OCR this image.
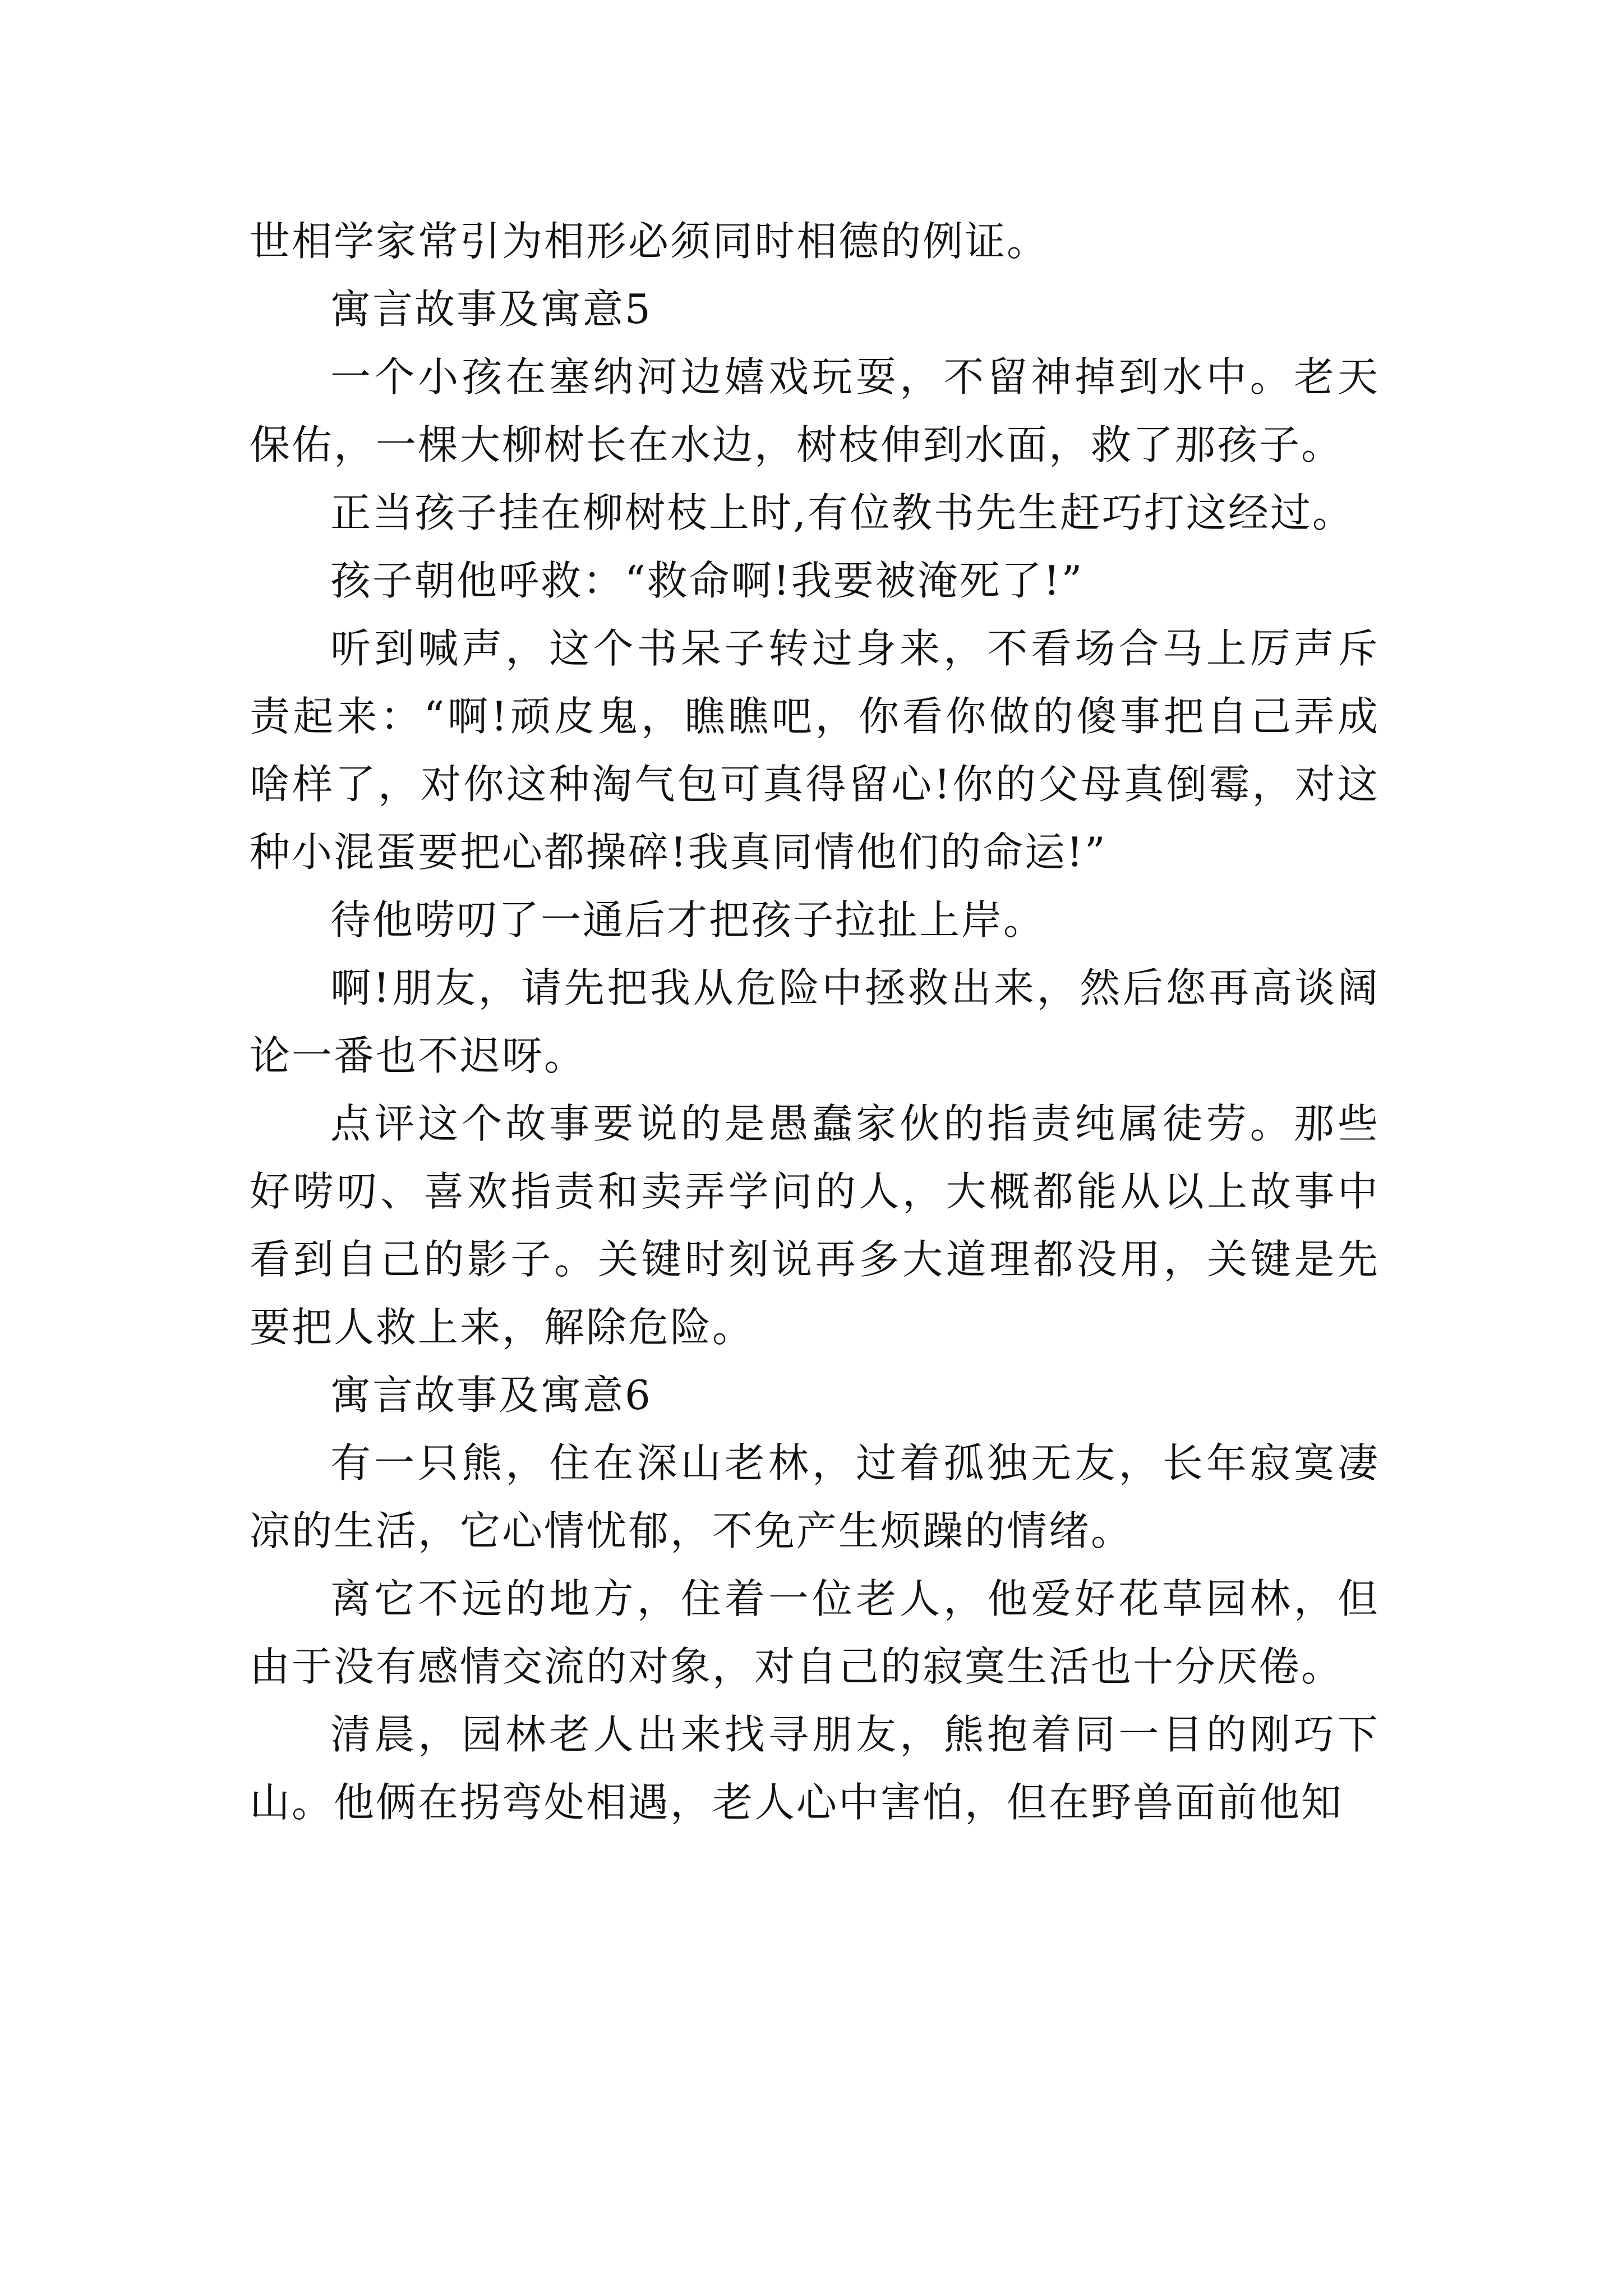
世相学家常引为相形必须同时相德的例证。

寓言故事及寓意5

一个小孩在塞纳河边嬉戏玩耍，不留神掉到水中。老天保佑，一棵大柳树长在水边，树枝伸到水面，救了那孩子。

正当孩子挂在柳树枝上时,有位教书先生赶巧打这经过。

孩子朝他呼救：“救命啊!我要被淹死了!”

听到喊声，这个书呆子转过身来，不看场合马上厉声斥责起来：“啊!顽皮鬼，瞧瞧吧，你看你做的傻事把自己弄成啥样了，对你这种淘气包可真得留心!你的父母真倒霉，对这种小混蛋要把心都操碎!我真同情他们的命运!”

待他唠叨了一通后才把孩子拉扯上岸。

啊!朋友，请先把我从危险中拯救出来，然后您再高谈阔论一番也不迟呀。

点评这个故事要说的是愚蠢家伙的指责纯属徒劳。那些好唠叨、喜欢指责和卖弄学问的人，大概都能从以上故事中看到自己的影子。关键时刻说再多大道理都没用，关键是先要把人救上来，解除危险。

寓言故事及寓意6

有一只熊，住在深山老林，过着孤独无友，长年寂寞凄凉的生活，它心情忧郁，不免产生烦躁的情绪。

离它不远的地方，住着一位老人，他爱好花草园林，但由于没有感情交流的对象，对自己的寂寞生活也十分厌倦。

清晨，园林老人出来找寻朋友，熊抱着同一目的刚巧下山。他俩在拐弯处相遇，老人心中害怕，但在野兽面前他知
